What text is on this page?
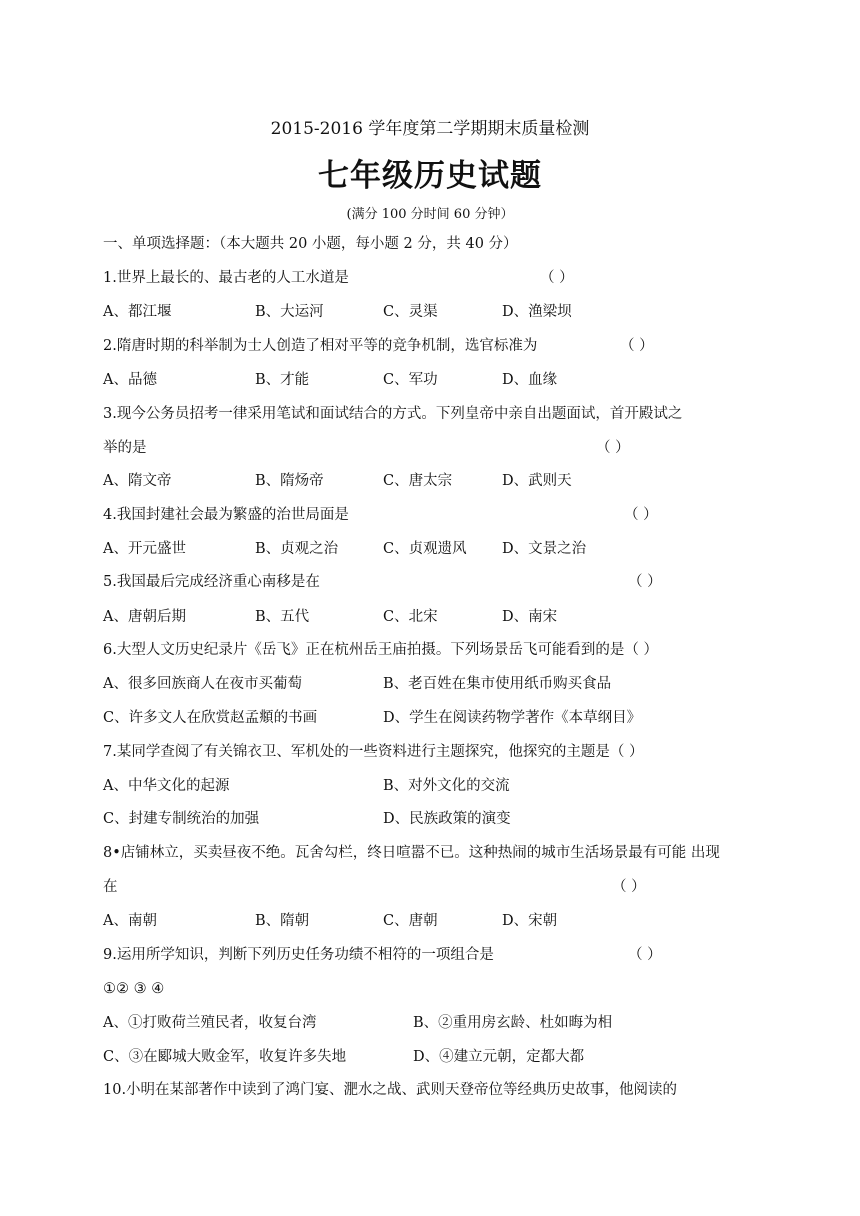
2015-2016 学年度第二学期期末质量检测
七年级历史试题
(满分 100 分时间 60 分钟）
一、单项选择题：（本大题共 20 小题，每小题 2 分，共 40 分）
1.世界上最长的、最古老的人工水道是	（ ）
A、都江堰	B、大运河	C、灵渠	D、渔梁坝
2.隋唐时期的科举制为士人创造了相对平等的竞争机制，选官标准为	（ ）
A、品德	B、才能	C、军功	D、血缘
3.现今公务员招考一律采用笔试和面试结合的方式。下列皇帝中亲自出题面试，首开殿试之
举的是	（ ）
A、隋文帝	B、隋炀帝	C、唐太宗	D、武则天
4.我国封建社会最为繁盛的治世局面是	（ ）
A、开元盛世	B、贞观之治	C、贞观遗风 D、文景之治
5.我国最后完成经济重心南移是在	（ ）
A、唐朝后期	B、五代	C、北宋	D、南宋
6.大型人文历史纪录片《岳飞》正在杭州岳王庙拍摄。下列场景岳飞可能看到的是（ ）
A、很多回族商人在夜市买葡萄	B、老百姓在集市使用纸币购买食品
C、许多文人在欣赏赵孟頫的书画	D、学生在阅读药物学著作《本草纲目》
7.某同学查阅了有关锦衣卫、军机处的一些资料进行主题探究，他探究的主题是（ ）
A、中华文化的起源	B、对外文化的交流
C、封建专制统治的加强	D、民族政策的演变
8•店铺林立，买卖昼夜不绝。瓦舍勾栏，终日喧嚣不已。这种热闹的城市生活场景最有可能 出现
在	（ ）
A、南朝	B、隋朝	C、唐朝	D、宋朝
9.运用所学知识，判断下列历史任务功绩不相符的一项组合是	（ ）
①② ③ ④
A、①打败荷兰殖民者，收复台湾	B、②重用房玄龄、杜如晦为相
C、③在郾城大败金军，收复许多失地	D、④建立元朝，定都大都
10.小明在某部著作中读到了鸿门宴、淝水之战、武则天登帝位等经典历史故事，他阅读的
